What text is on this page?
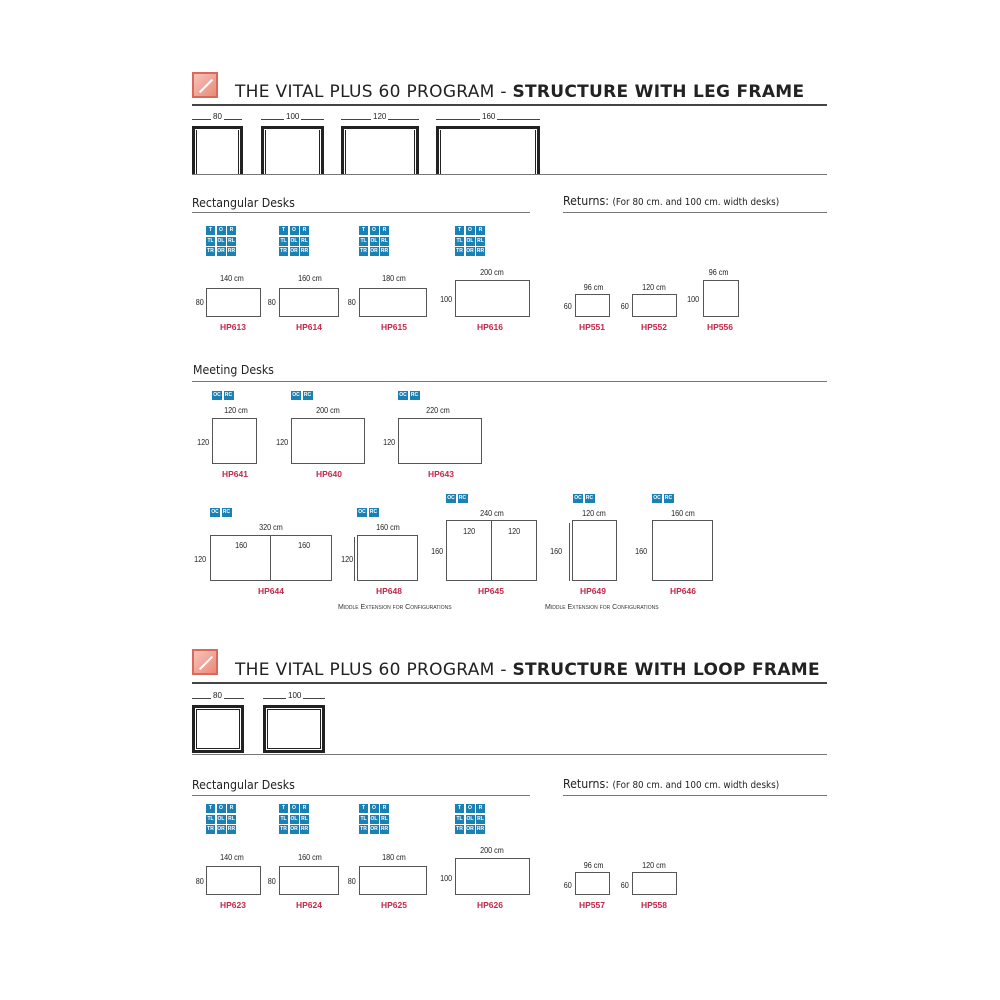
THE VITAL PLUS 60 PROGRAM - STRUCTURE WITH LEG FRAME
80	100	120	160
Rectangular Desks	Returns: (For 80 cm. and 100 cm. width desks)
T	O	R
TL OL RL
TR OR RR
T	O	R
TL OL RL
TR OR RR
T	O	R
TL OL RL
TR OR RR
T	O	R
TL OL RL
TR OR RR
140 cm
80
HP613
160 cm
80
HP614
180 cm
80
HP615
200 cm
100
HP616
96 cm
60
HP551
120 cm
60
HP552
96 cm
100
HP556
Meeting Desks
OC RC	OC RC	OC RC
120 cm
120
HP641
200 cm
120
HP640
220 cm
120
HP643
OC RC	OC RC
OC RC	OC RC	OC RC
320 cm
120
160	160
HP644
160 cm
120
HP648
240 cm
160
120	120
HP645
120 cm
160
HP649
160 cm
160
HP646
Middle Extension for Configurations	Middle Extension for Configurations
THE VITAL PLUS 60 PROGRAM - STRUCTURE WITH LOOP FRAME
80	100
Rectangular Desks	Returns: (For 80 cm. and 100 cm. width desks)
T	O	R
TL OL RL
TR OR RR
T	O	R
TL OL RL
TR OR RR
T	O	R
TL OL RL
TR OR RR
T	O	R
TL OL RL
TR OR RR
140 cm
80
HP623
160 cm
80
HP624
180 cm
80
HP625
200 cm
100
HP626
96 cm
60
HP557
120 cm
60
HP558
